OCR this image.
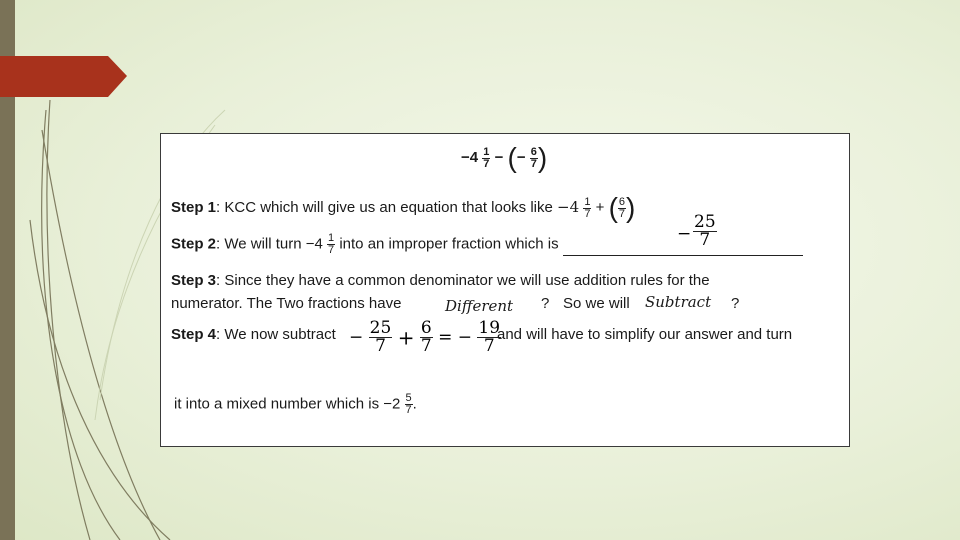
$-4 \frac{1}{7}$ − (− $\frac{6}{7}$ )
Step 1: KCC which will give us an equation that looks like $-4 \frac{1}{7}$ + ( $\frac{6}{7}$ )
Step 2: We will turn $-4 \frac{1}{7}$ into an improper fraction which is	− $\frac{25}{7}$
Step 3: Since they have a common denominator we will use addition rules for the
numerator. The Two fractions have	Different ? So we will Subtract ?
Step 4: We now subtract − $\frac{25}{7} + \frac{6}{7}$ = − $\frac{19}{7}$
and will have to simplify our answer and turn
it into a mixed number which is $-2 \frac{5}{7}$ .
